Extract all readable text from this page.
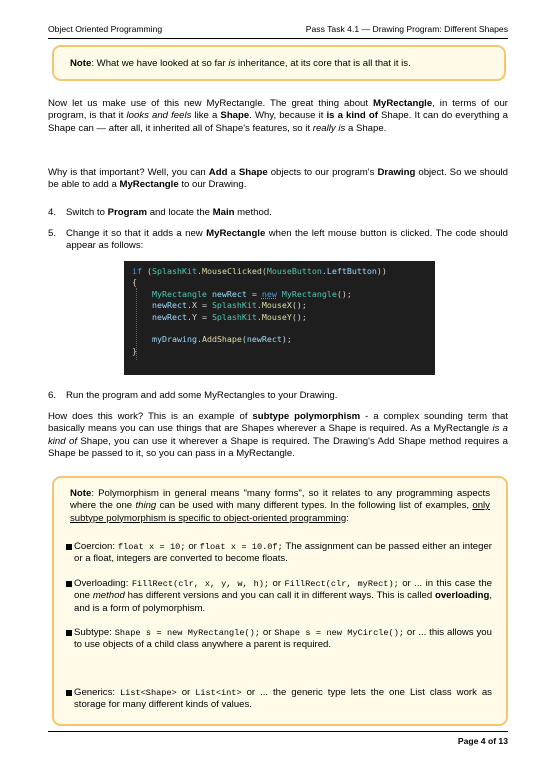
Object Oriented Programming	Pass Task 4.1 — Drawing Program: Different Shapes
Note: What we have looked at so far is inheritance, at its core that is all that it is.
Now let us make use of this new MyRectangle. The great thing about MyRectangle, in terms of our program, is that it looks and feels like a Shape. Why, because it is a kind of Shape. It can do everything a Shape can — after all, it inherited all of Shape's features, so it really is a Shape.
Why is that important? Well, you can Add a Shape objects to our program's Drawing object. So we should be able to add a MyRectangle to our Drawing.
4. Switch to Program and locate the Main method.
5. Change it so that it adds a new MyRectangle when the left mouse button is clicked. The code should appear as follows:
if (SplashKit.MouseClicked(MouseButton.LeftButton))
{
MyRectangle newRect = new MyRectangle();
newRect.X = SplashKit.MouseX();
newRect.Y = SplashKit.MouseY();

myDrawing.AddShape(newRect);
}
6. Run the program and add some MyRectangles to your Drawing.
How does this work? This is an example of subtype polymorphism - a complex sounding term that basically means you can use things that are Shapes wherever a Shape is required. As a MyRectangle is a kind of Shape, you can use it wherever a Shape is required. The Drawing's Add Shape method requires a Shape be passed to it, so you can pass in a MyRectangle.
Note: Polymorphism in general means "many forms", so it relates to any programming aspects where the one thing can be used with many different types. In the following list of examples, only subtype polymorphism is specific to object-oriented programming:
Coercion: float x = 10; or float x = 10.0f; The assignment can be passed either an integer or a float, integers are converted to become floats.
Overloading: FillRect(clr, x, y, w, h); or FillRect(clr, myRect); or ... in this case the one method has different versions and you can call it in different ways. This is called overloading, and is a form of polymorphism.
Subtype: Shape s = new MyRectangle(); or Shape s = new MyCircle(); or ... this allows you to use objects of a child class anywhere a parent is required.
Generics: List<Shape> or List<int> or ... the generic type lets the one List class work as storage for many different kinds of values.
Page 4 of 13
